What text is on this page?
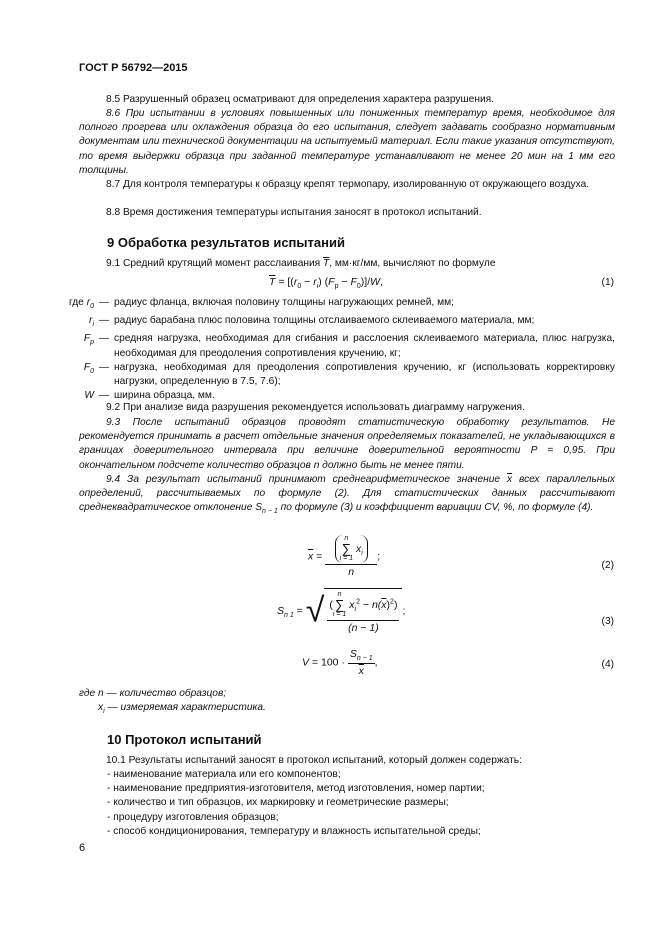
ГОСТ Р 56792—2015
8.5 Разрушенный образец осматривают для определения характера разрушения.
8.6 При испытании в условиях повышенных или пониженных температур время, необходимое для полного прогрева или охлаждения образца до его испытания, следует задавать сообразно нормативным документам или технической документации на испытуемый материал. Если такие указания отсутствуют, то время выдержки образца при заданной температуре устанавливают не менее 20 мин на 1 мм его толщины.
8.7 Для контроля температуры к образцу крепят термопару, изолированную от окружающего воздуха.
8.8 Время достижения температуры испытания заносят в протокол испытаний.
9 Обработка результатов испытаний
9.1 Средний крутящий момент расслаивания $\overline{T}$, мм·кг/мм, вычисляют по формуле
$\overline{T} = [(r_0 - r_i) (F_р - F_0)]/W$,	(1)
где $r_0$ — радиус фланца, включая половину толщины нагружающих ремней, мм;
$r_i$ — радиус барабана плюс половина толщины отслаиваемого склеиваемого материала, мм;
$F_р$ — средняя нагрузка, необходимая для сгибания и расслоения склеиваемого материала, плюс нагрузка, необходимая для преодоления сопротивления кручению, кг;
$F_0$ — нагрузка, необходимая для преодоления сопротивления кручению, кг (использовать корректировку нагрузки, определенную в 7.5, 7.6);
W — ширина образца, мм.
9.2 При анализе вида разрушения рекомендуется использовать диаграмму нагружения.
9.3 После испытаний образцов проводят статистическую обработку результатов. Не рекомендуется принимать в расчет отдельные значения определяемых показателей, не укладывающихся в границах доверительного интервала при величине доверительной вероятности P = 0,95. При окончательном подсчете количество образцов n должно быть не менее пяти.
9.4 За результат испытаний принимают среднеарифметическое значение $\overline{x}$ всех параллельных определений, рассчитываемых по формуле (2). Для статистических данных рассчитывают среднеквадратическое отклонение $S_{n - 1}$ по формуле (3) и коэффициент вариации CV, %, по формуле (4).
$\overline{x} = n$
∑
i = 1
$x_i$
n ;
(2)
$S_{n 1}$ = √ (
n
∑
i = 1
$x_i^2 - n(\overline{x})^2$)
(n − 1) ;
(3)
$V = 100 \cdot \frac{S_{n - 1}}{x}$ ,	(4)
где n — количество образцов;
$x_i$ — измеряемая характеристика.
10 Протокол испытаний
10.1 Результаты испытаний заносят в протокол испытаний, который должен содержать:
- наименование материала или его компонентов;
- наименование предприятия-изготовителя, метод изготовления, номер партии;
- количество и тип образцов, их маркировку и геометрические размеры;
- процедуру изготовления образцов;
- способ кондиционирования, температуру и влажность испытательной среды;
6
